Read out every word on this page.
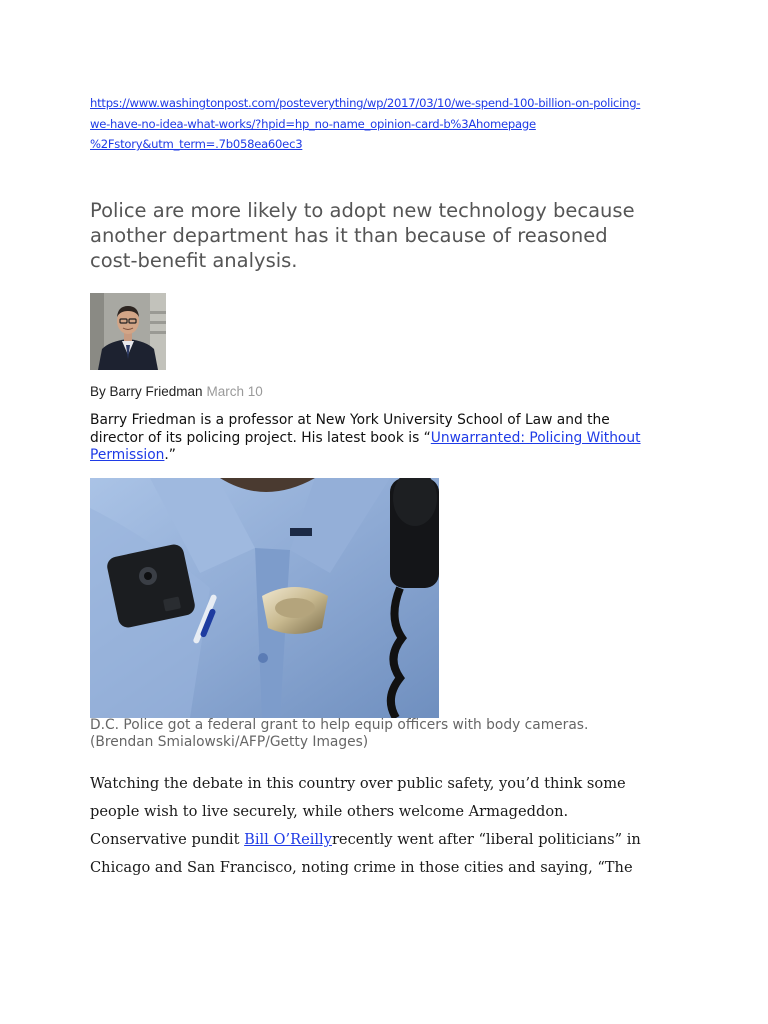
https://www.washingtonpost.com/posteverything/wp/2017/03/10/we-spend-100-billion-on-policing-
we-have-no-idea-what-works/?hpid=hp_no-name_opinion-card-b%3Ahomepage
%2Fstory&utm_term=.7b058ea60ec3
Police are more likely to adopt new technology because
another department has it than because of reasoned
cost-benefit analysis.
By Barry Friedman March 10
Barry Friedman is a professor at New York University School of Law and the
director of its policing project. His latest book is “Unwarranted: Policing Without
Permission.”
D.C. Police got a federal grant to help equip officers with body cameras.
(Brendan Smialowski/AFP/Getty Images)
Watching the debate in this country over public safety, you’d think some
people wish to live securely, while others welcome Armageddon.
Conservative pundit Bill O’Reillyrecently went after “liberal politicians” in
Chicago and San Francisco, noting crime in those cities and saying, “The
